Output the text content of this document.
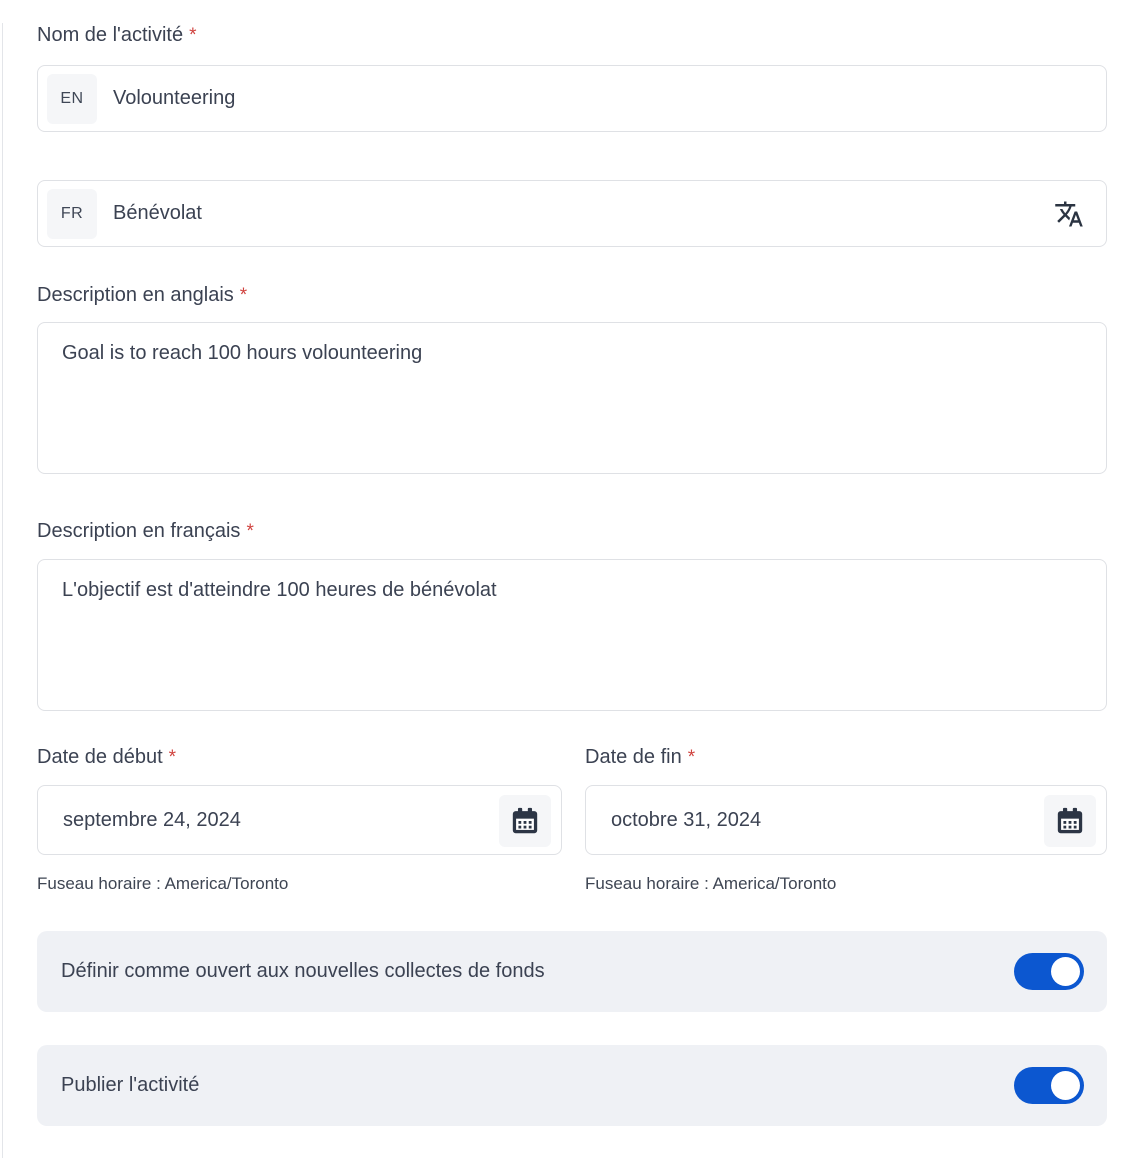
Nom de l'activité *
EN
Volounteering
FR
Bénévolat
Description en anglais *
Goal is to reach 100 hours volounteering
Description en français *
L'objectif est d'atteindre 100 heures de bénévolat
Date de début *
septembre 24, 2024
Fuseau horaire : America/Toronto
Date de fin *
octobre 31, 2024
Fuseau horaire : America/Toronto
Définir comme ouvert aux nouvelles collectes de fonds
Publier l'activité
